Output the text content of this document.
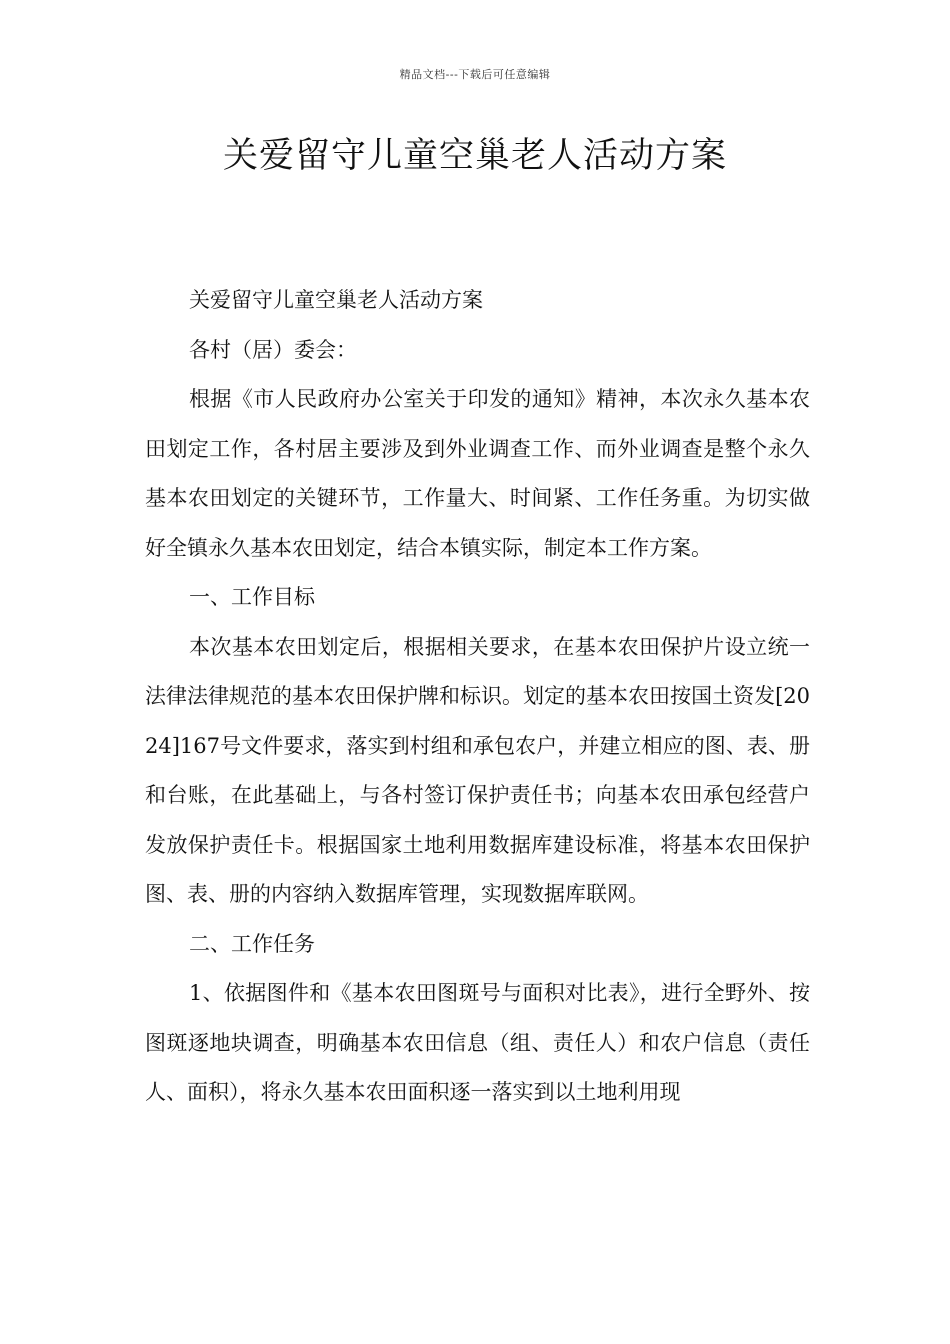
精品文档---下载后可任意编辑
关爱留守儿童空巢老人活动方案

关爱留守儿童空巢老人活动方案

各村（居）委会：

根据《市人民政府办公室关于印发的通知》精神，本次永久基本农田划定工作，各村居主要涉及到外业调查工作、而外业调查是整个永久基本农田划定的关键环节，工作量大、时间紧、工作任务重。为切实做好全镇永久基本农田划定，结合本镇实际，制定本工作方案。

一、工作目标

本次基本农田划定后，根据相关要求，在基本农田保护片设立统一法律法律规范的基本农田保护牌和标识。划定的基本农田按国土资发[2024]167号文件要求，落实到村组和承包农户，并建立相应的图、表、册和台账，在此基础上，与各村签订保护责任书；向基本农田承包经营户发放保护责任卡。根据国家土地利用数据库建设标准，将基本农田保护图、表、册的内容纳入数据库管理，实现数据库联网。

二、工作任务

1、依据图件和《基本农田图斑号与面积对比表》，进行全野外、按图斑逐地块调查，明确基本农田信息（组、责任人）和农户信息（责任人、面积），将永久基本农田面积逐一落实到以土地利用现
